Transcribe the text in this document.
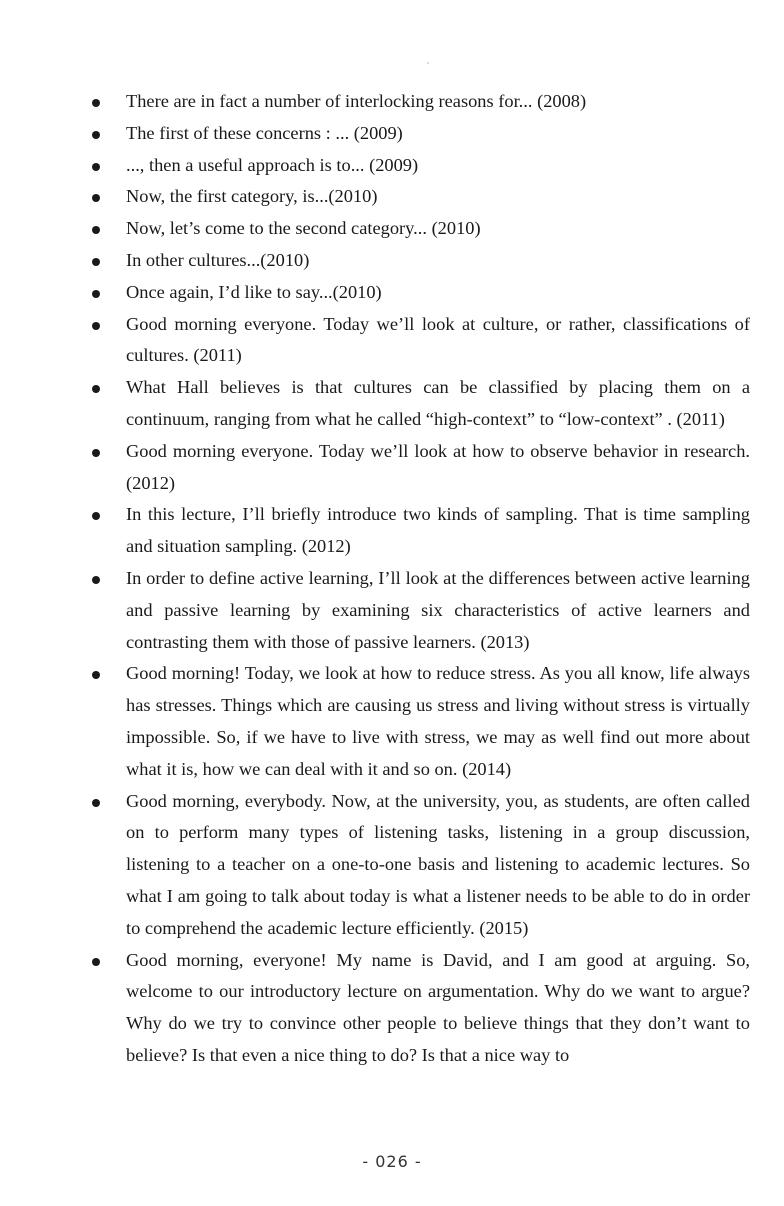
There are in fact a number of interlocking reasons for... (2008)
The first of these concerns : ... (2009)
..., then a useful approach is to... (2009)
Now, the first category, is...(2010)
Now, let’s come to the second category... (2010)
In other cultures...(2010)
Once again, I’d like to say...(2010)
Good morning everyone. Today we’ll look at culture, or rather, classifications of cultures. (2011)
What Hall believes is that cultures can be classified by placing them on a continuum, ranging from what he called “high-context” to “low-context” . (2011)
Good morning everyone. Today we’ll look at how to observe behavior in research. (2012)
In this lecture, I’ll briefly introduce two kinds of sampling. That is time sampling and situation sampling. (2012)
In order to define active learning, I’ll look at the differences between active learning and passive learning by examining six characteristics of active learners and contrasting them with those of passive learners. (2013)
Good morning! Today, we look at how to reduce stress. As you all know, life always has stresses. Things which are causing us stress and living without stress is virtually impossible. So, if we have to live with stress, we may as well find out more about what it is, how we can deal with it and so on. (2014)
Good morning, everybody. Now, at the university, you, as students, are often called on to perform many types of listening tasks, listening in a group discussion, listening to a teacher on a one-to-one basis and listening to academic lectures. So what I am going to talk about today is what a listener needs to be able to do in order to comprehend the academic lecture efficiently. (2015)
Good morning, everyone! My name is David, and I am good at arguing. So, welcome to our introductory lecture on argumentation. Why do we want to argue? Why do we try to convince other people to believe things that they don’t want to believe? Is that even a nice thing to do? Is that a nice way to
- 026 -
